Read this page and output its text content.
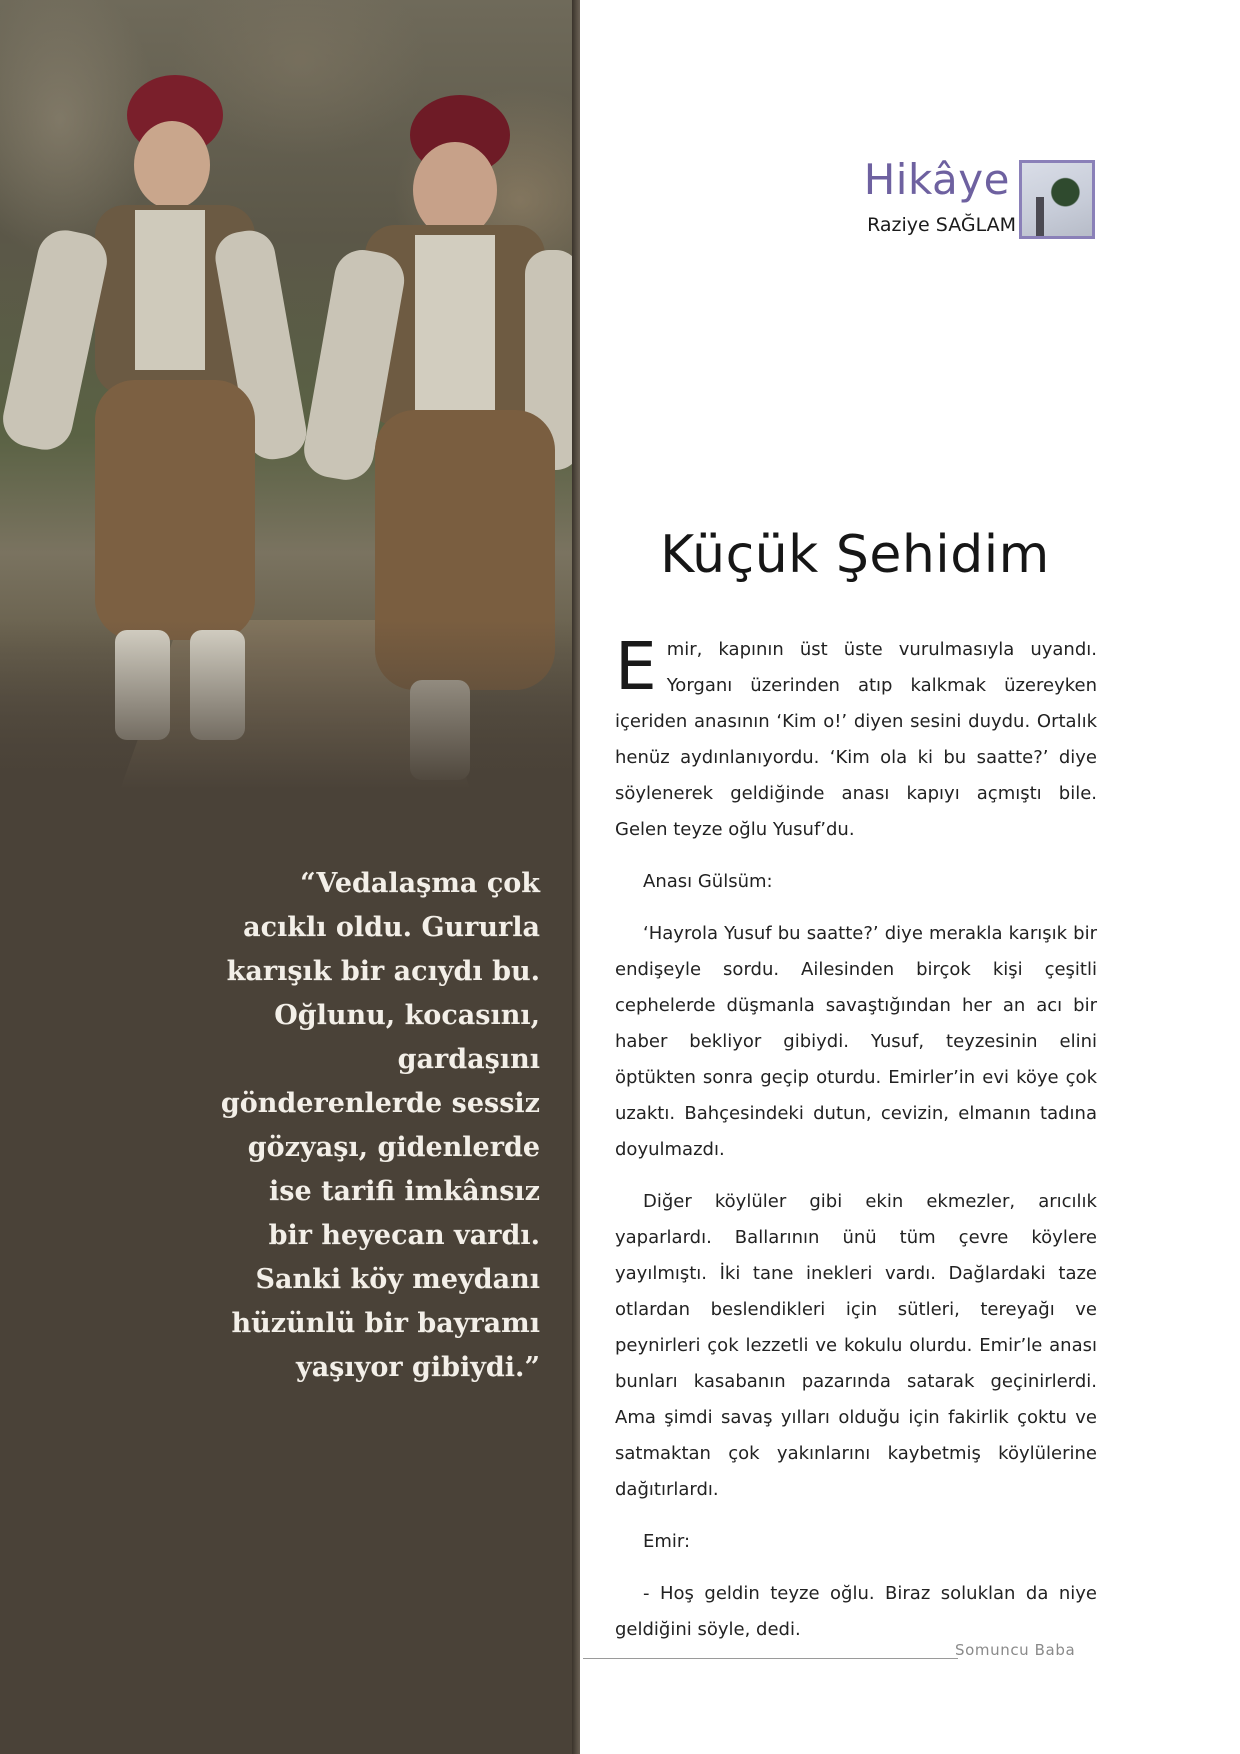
“Vedalaşma çok acıklı oldu. Gururla karışık bir acıydı bu. Oğlunu, kocasını, gardaşını gönderenlerde sessiz gözyaşı, gidenlerde ise tarifi imkânsız bir heyecan vardı. Sanki köy meydanı hüzünlü bir bayramı yaşıyor gibiydi.”
Hikâye
Raziye SAĞLAM
Küçük Şehidim

Emir, kapının üst üste vurulmasıyla uyandı. Yorganı üzerinden atıp kalkmak üzereyken içeriden anasının ‘Kim o!’ diyen sesini duydu. Ortalık henüz aydınlanıyordu. ‘Kim ola ki bu saatte?’ diye söylenerek geldiğinde anası kapıyı açmıştı bile. Gelen teyze oğlu Yusuf’du.

Anası Gülsüm:

‘Hayrola Yusuf bu saatte?’ diye merakla karışık bir endişeyle sordu. Ailesinden birçok kişi çeşitli cephelerde düşmanla savaştığından her an acı bir haber bekliyor gibiydi. Yusuf, teyzesinin elini öptükten sonra geçip oturdu. Emirler’in evi köye çok uzaktı. Bahçesindeki dutun, cevizin, elmanın tadına doyulmazdı.

Diğer köylüler gibi ekin ekmezler, arıcılık yaparlardı. Ballarının ünü tüm çevre köylere yayılmıştı. İki tane inekleri vardı. Dağlardaki taze otlardan beslendikleri için sütleri, tereyağı ve peynirleri çok lezzetli ve kokulu olurdu. Emir’le anası bunları kasabanın pazarında satarak geçinirlerdi. Ama şimdi savaş yılları olduğu için fakirlik çoktu ve satmaktan çok yakınlarını kaybetmiş köylülerine dağıtırlardı.

Emir:

- Hoş geldin teyze oğlu. Biraz soluklan da niye geldiğini söyle, dedi.

Somuncu Baba
